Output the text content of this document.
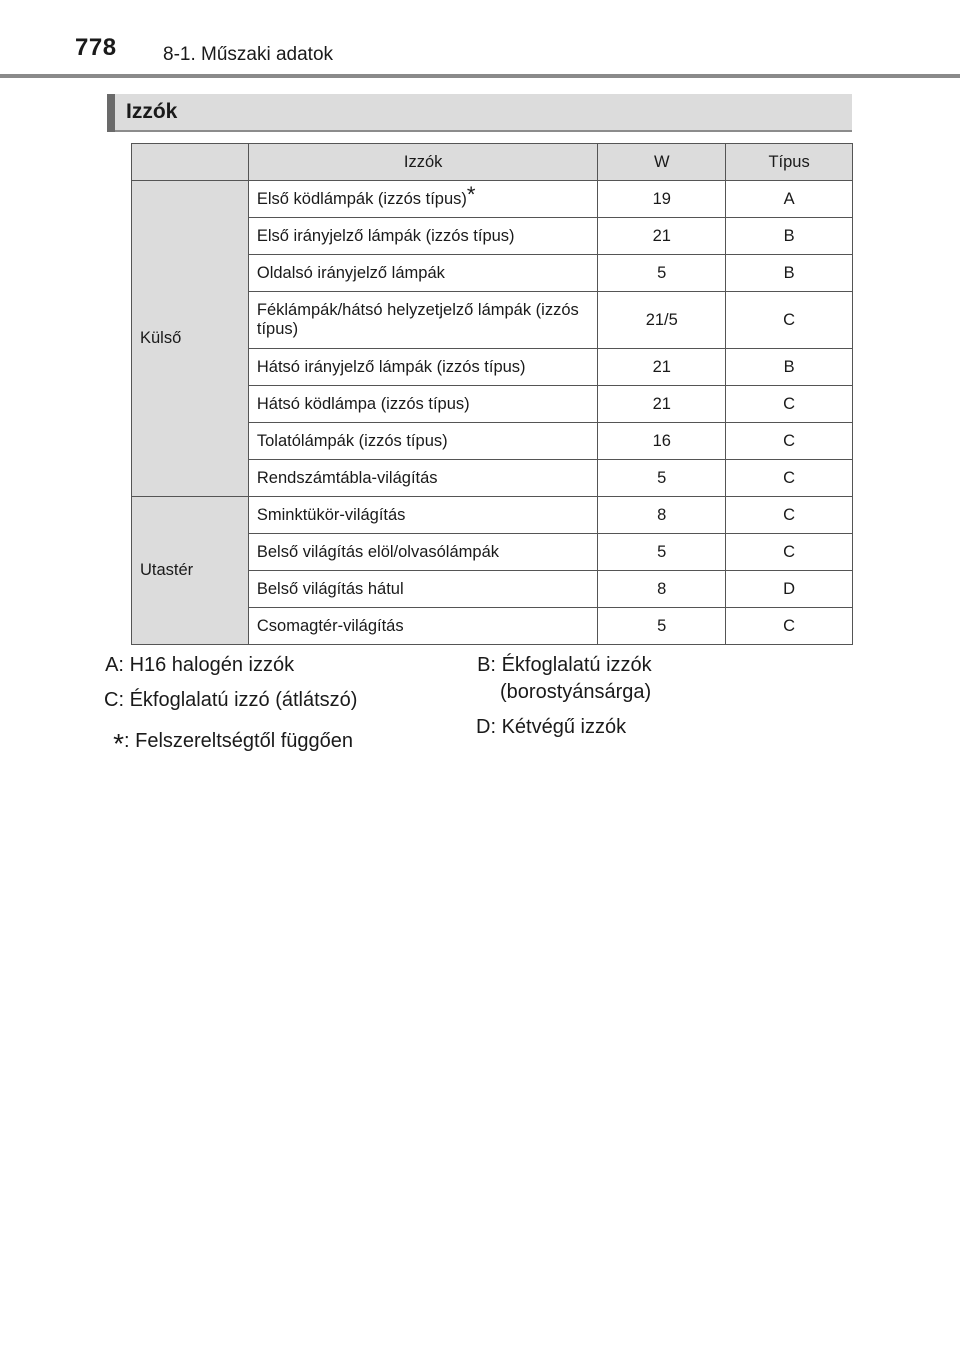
778 8-1. Műszaki adatok
Izzók
	Izzók	W	Típus
Külső	Első ködlámpák (izzós típus)*	19	A
	Első irányjelző lámpák (izzós típus)	21	B
	Oldalsó irányjelző lámpák	5	B
	Féklámpák/hátsó helyzetjelző lámpák (izzós típus)	21/5	C
	Hátsó irányjelző lámpák (izzós típus)	21	B
	Hátsó ködlámpa (izzós típus)	21	C
	Tolatólámpák (izzós típus)	16	C
	Rendszámtábla-világítás	5	C
Utastér	Sminktükör-világítás	8	C
	Belső világítás elöl/olvasólámpák	5	C
	Belső világítás hátul	8	D
	Csomagtér-világítás	5	C
A: H16 halogén izzók
C: Ékfoglalatú izzó (átlátszó)
*: Felszereltségtől függően
B: Ékfoglalatú izzók
(borostyánsárga)
D: Kétvégű izzók
